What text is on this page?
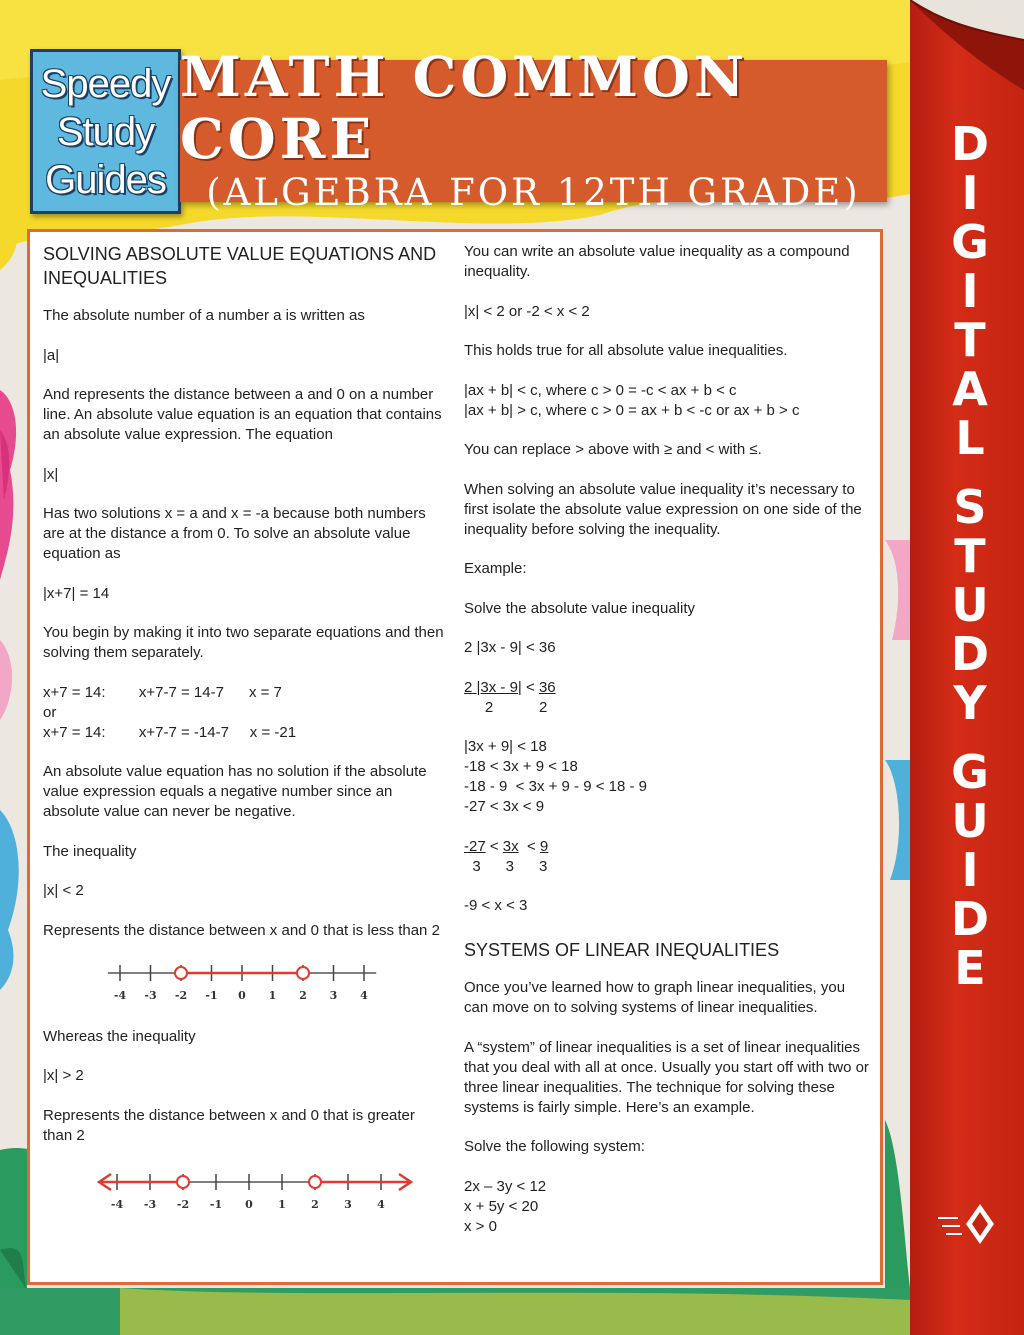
Speedy
Study
Guides
MATH COMMON CORE
(ALGEBRA FOR 12TH GRADE)
SOLVING ABSOLUTE VALUE EQUATIONS AND INEQUALITIES

The absolute number of a number a is written as

|a|

And represents the distance between a and 0 on a number line. An absolute value equation is an equation that contains an absolute value expression. The equation

|x|

Has two solutions x = a and x = -a because both numbers are at the distance a from 0. To solve an absolute value equation as

|x+7| = 14

You begin by making it into two separate equations and then solving them separately.

x+7 = 14:        x+7-7 = 14-7      x = 7
or
x+7 = 14:        x+7-7 = -14-7     x = -21

An absolute value equation has no solution if the absolute value expression equals a negative number since an absolute value can never be negative.

The inequality

|x| < 2

Represents the distance between x and 0 that is less than 2

-4 -3 -2 -1 0 1 2 3 4

Whereas the inequality

|x| > 2

Represents the distance between x and 0 that is greater than 2

-4 -3 -2 -1 0 1 2 3 4

You can write an absolute value inequality as a compound inequality.

|x| < 2 or -2 < x < 2

This holds true for all absolute value inequalities.

|ax + b| < c, where c > 0 = -c < ax + b < c
|ax + b| > c, where c > 0 = ax + b < -c or ax + b > c

You can replace > above with ≥ and < with ≤.

When solving an absolute value inequality it’s necessary to first isolate the absolute value expression on one side of the inequality before solving the inequality.

Example:

Solve the absolute value inequality

2 |3x - 9| < 36

2 |3x - 9| < 36
2           2
|3x + 9| < 18
-18 < 3x + 9 < 18
-18 - 9  < 3x + 9 - 9 < 18 - 9
-27 < 3x < 9
-27 < 3x  < 9
3      3      3

-9 < x < 3

SYSTEMS OF LINEAR INEQUALITIES

Once you’ve learned how to graph linear inequalities, you can move on to solving systems of linear inequalities.

A “system” of linear inequalities is a set of linear inequalities that you deal with all at once. Usually you start off with two or three linear inequalities. The technique for solving these systems is fairly simple. Here’s an example.

Solve the following system:

2x – 3y < 12
x + 5y < 20
x > 0
D
I
G
I
T
A
L
S
T
U
D
Y
G
U
I
D
E
